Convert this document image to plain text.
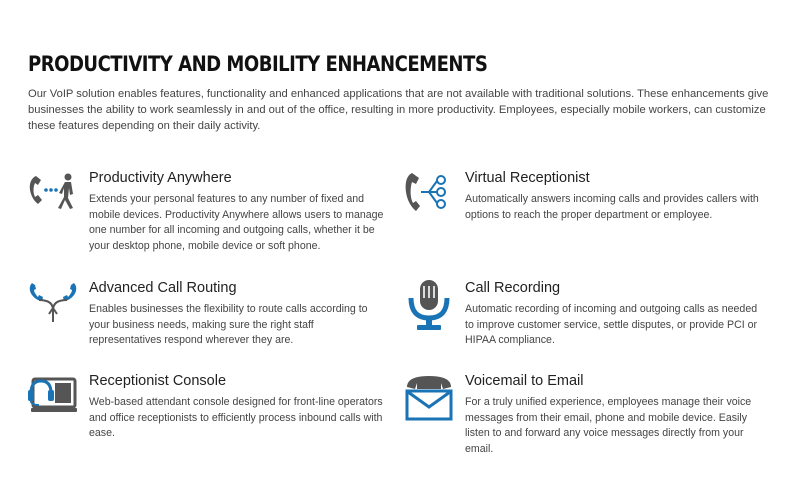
PRODUCTIVITY AND MOBILITY ENHANCEMENTS

Our VoIP solution enables features, functionality and enhanced applications that are not available with traditional solutions. These enhancements give businesses the ability to work seamlessly in and out of the office, resulting in more productivity. Employees, especially mobile workers, can customize these features depending on their daily activity.

Productivity Anywhere

Extends your personal features to any number of fixed and mobile devices. Productivity Anywhere allows users to manage one number for all incoming and outgoing calls, whether it be your desktop phone, mobile device or soft phone.

Virtual Receptionist

Automatically answers incoming calls and provides callers with options to reach the proper department or employee.

Advanced Call Routing

Enables businesses the flexibility to route calls according to your business needs, making sure the right staff representatives respond wherever they are.

Call Recording

Automatic recording of incoming and outgoing calls as needed to improve customer service, settle disputes, or provide PCI or HIPAA compliance.

Receptionist Console

Web-based attendant console designed for front-line operators and office receptionists to efficiently process inbound calls with ease.

Voicemail to Email

For a truly unified experience, employees manage their voice messages from their email, phone and mobile device. Easily listen to and forward any voice messages directly from your email.
